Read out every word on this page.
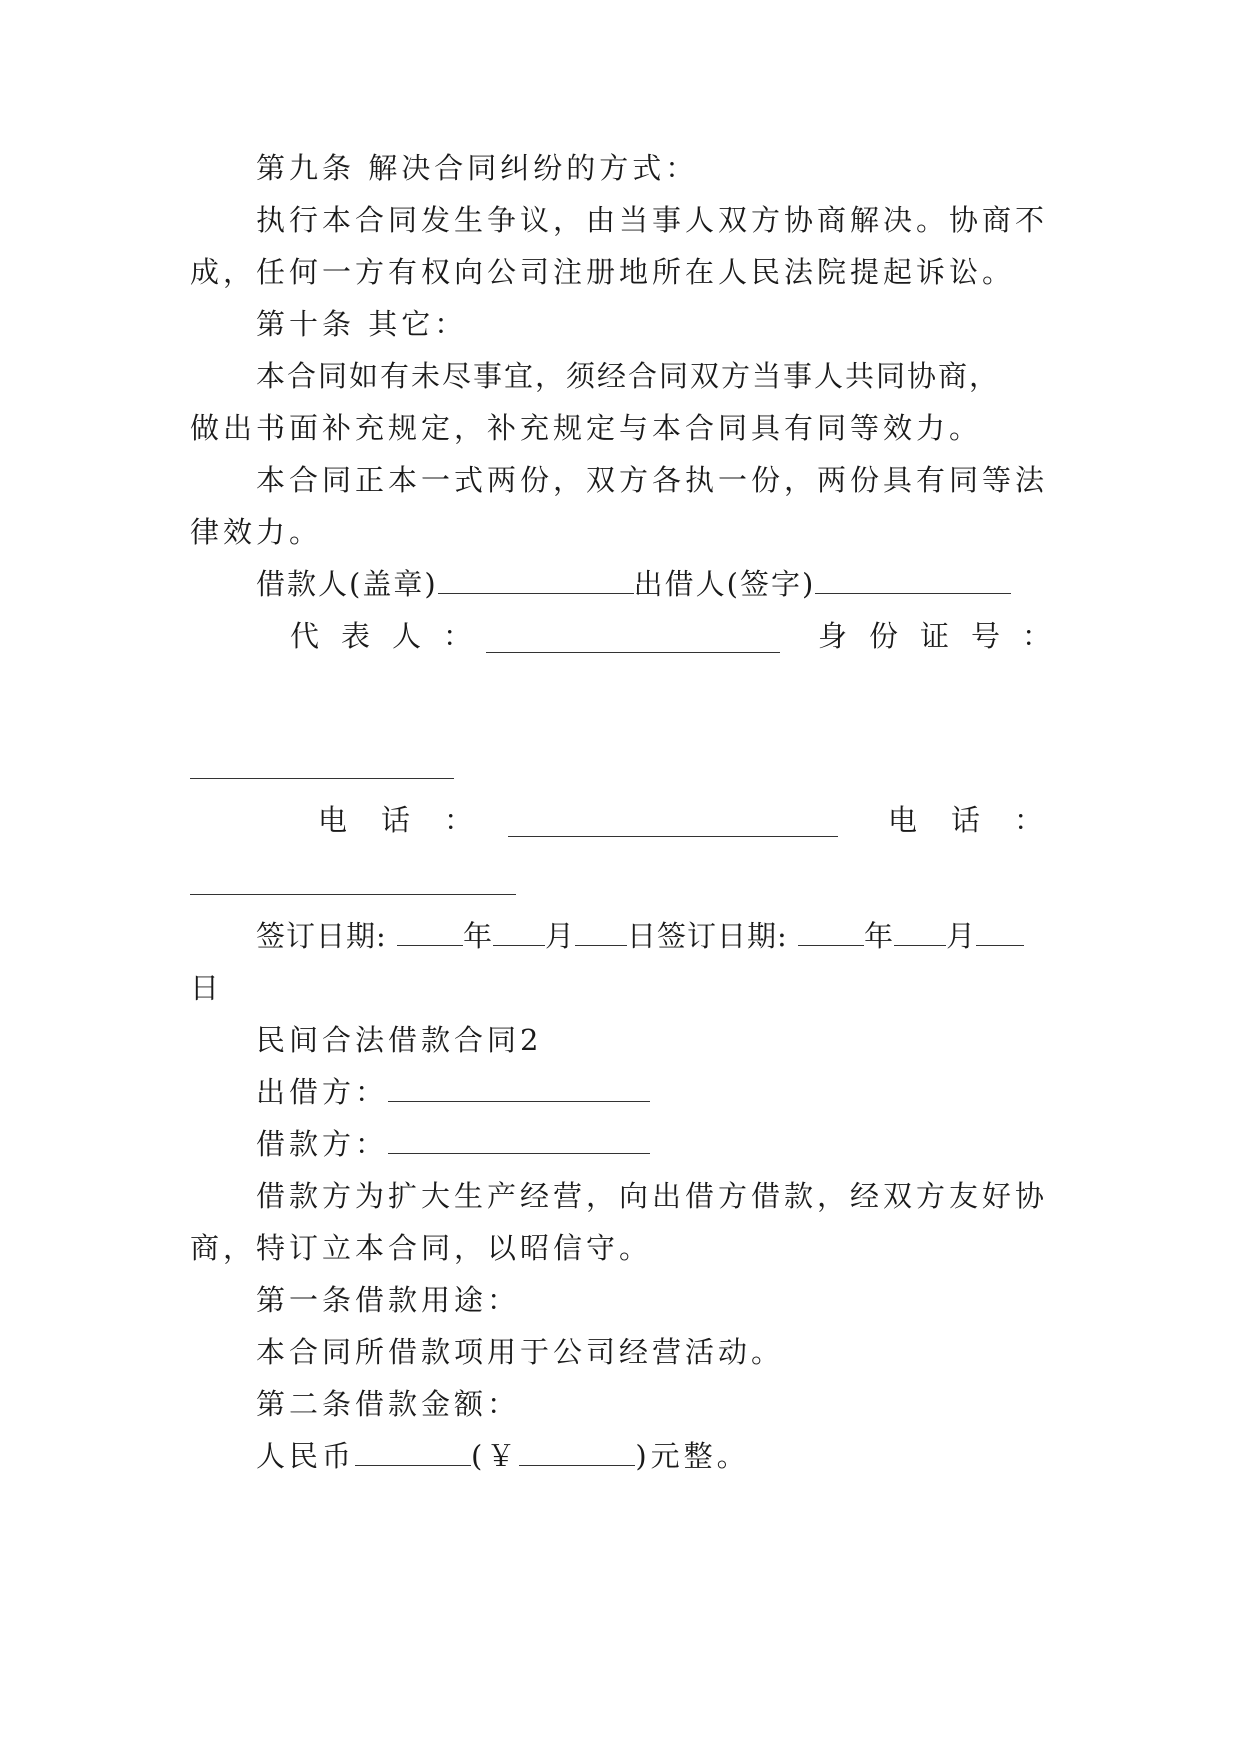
第九条 解决合同纠纷的方式：
执行本合同发生争议，由当事人双方协商解决。协商不
成，任何一方有权向公司注册地所在人民法院提起诉讼。
第十条 其它：
本合同如有未尽事宜，须经合同双方当事人共同协商，
做出书面补充规定，补充规定与本合同具有同等效力。
本合同正本一式两份，双方各执一份，两份具有同等法
律效力。
借款人(盖章)	出借人(签字)
代表人：	身份证号：
电话：	电话：
签订日期:	年 月 日签订日期:	年 月
日
民间合法借款合同2
出借方：
借款方：
借款方为扩大生产经营，向出借方借款，经双方友好协
商，特订立本合同，以昭信守。
第一条借款用途：
本合同所借款项用于公司经营活动。
第二条借款金额：
人民币	(￥	)元整。
